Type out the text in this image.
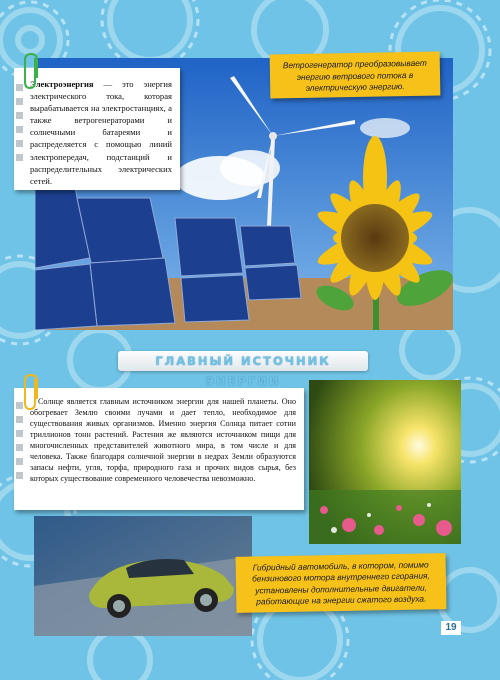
Электроэнергия — это энергия электрического тока, которая вырабатывается на электростанциях, а также ветрогенераторами и солнечными батареями и распределяется с помощью линий электропередач, подстанций и распределительных электрических сетей.

Ветрогенератор преобразовывает энергию ветрового потока в электрическую энергию.

ГЛАВНЫЙ ИСТОЧНИК ЭНЕРГИИ

Солнце является главным источником энергии для нашей планеты. Оно обогревает Землю своими лучами и дает тепло, необходимое для существования живых организмов. Именно энергия Солнца питает сотни триллионов тонн растений. Растения же являются источником пищи для многочисленных представителей животного мира, в том числе и для человека. Также благодаря солнечной энергии в недрах Земли образуются запасы нефти, угля, торфа, природного газа и прочих видов сырья, без которых существование современного человечества невозможно.

Гибридный автомобиль, в котором, помимо бензинового мотора внутреннего сгорания, установлены дополнительные двигатели, работающие на энергии сжатого воздуха.

19
